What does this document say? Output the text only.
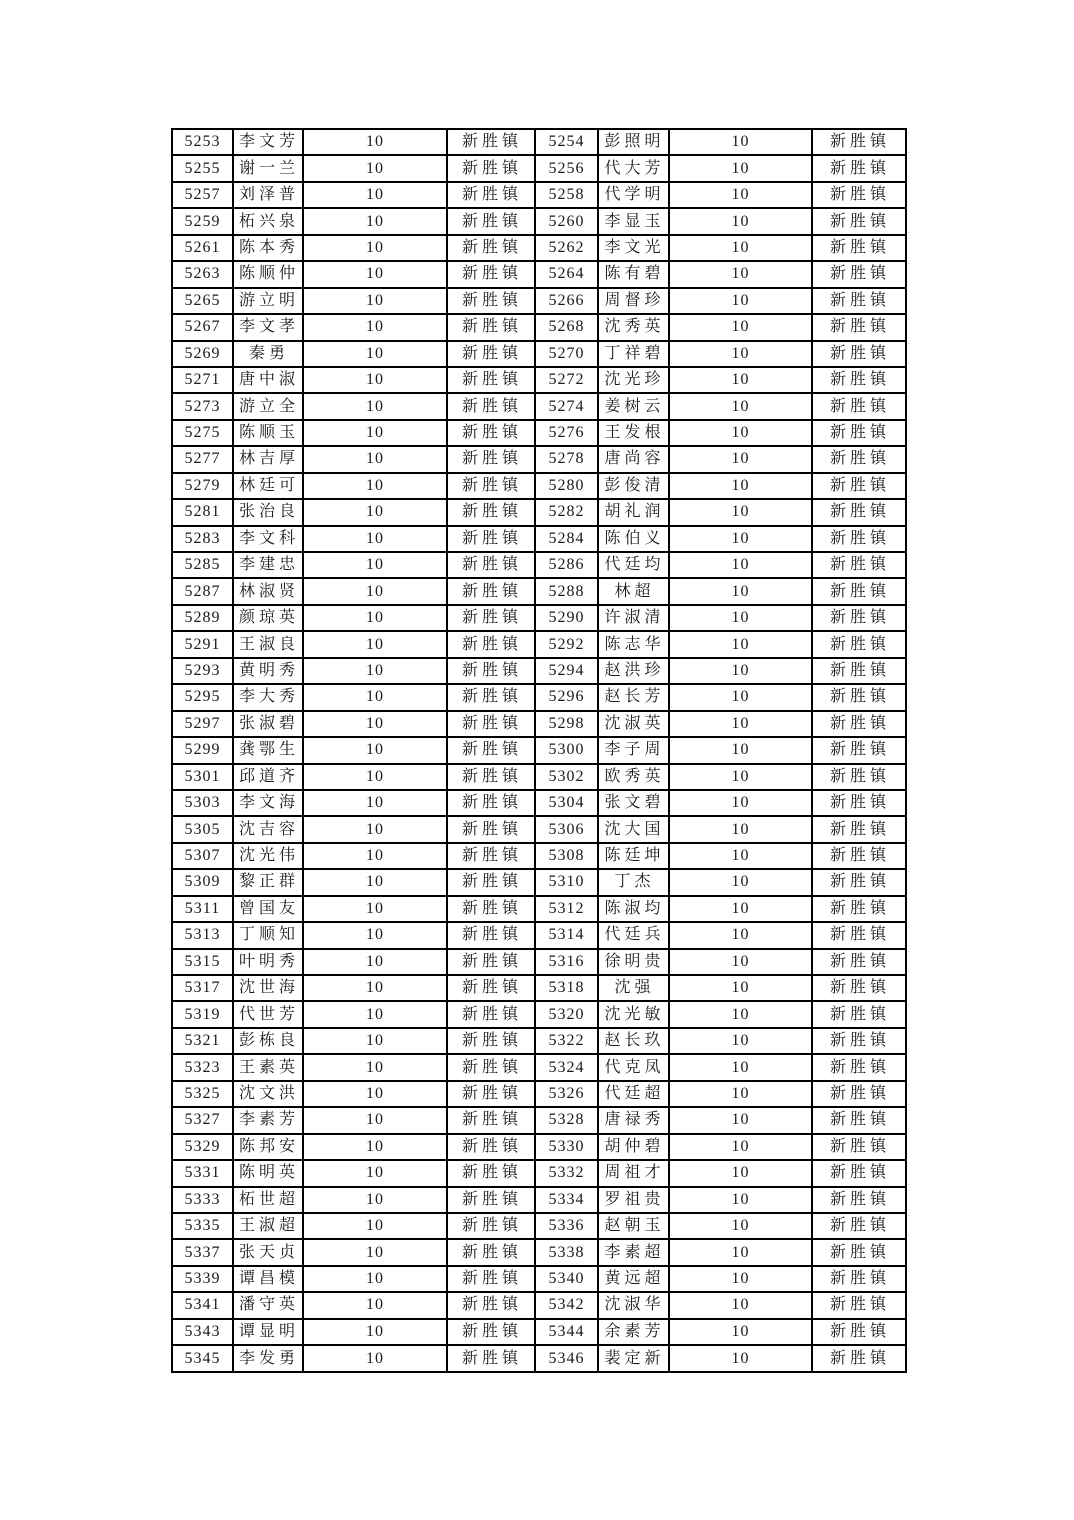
5253	李文芳	10	新胜镇	5254	彭照明	10	新胜镇
5255	谢一兰	10	新胜镇	5256	代大芳	10	新胜镇
5257	刘泽普	10	新胜镇	5258	代学明	10	新胜镇
5259	柘兴泉	10	新胜镇	5260	李显玉	10	新胜镇
5261	陈本秀	10	新胜镇	5262	李文光	10	新胜镇
5263	陈顺仲	10	新胜镇	5264	陈有碧	10	新胜镇
5265	游立明	10	新胜镇	5266	周督珍	10	新胜镇
5267	李文孝	10	新胜镇	5268	沈秀英	10	新胜镇
5269	秦勇	10	新胜镇	5270	丁祥碧	10	新胜镇
5271	唐中淑	10	新胜镇	5272	沈光珍	10	新胜镇
5273	游立全	10	新胜镇	5274	姜树云	10	新胜镇
5275	陈顺玉	10	新胜镇	5276	王发根	10	新胜镇
5277	林吉厚	10	新胜镇	5278	唐尚容	10	新胜镇
5279	林廷可	10	新胜镇	5280	彭俊清	10	新胜镇
5281	张治良	10	新胜镇	5282	胡礼润	10	新胜镇
5283	李文科	10	新胜镇	5284	陈伯义	10	新胜镇
5285	李建忠	10	新胜镇	5286	代廷均	10	新胜镇
5287	林淑贤	10	新胜镇	5288	林超	10	新胜镇
5289	颜琼英	10	新胜镇	5290	许淑清	10	新胜镇
5291	王淑良	10	新胜镇	5292	陈志华	10	新胜镇
5293	黄明秀	10	新胜镇	5294	赵洪珍	10	新胜镇
5295	李大秀	10	新胜镇	5296	赵长芳	10	新胜镇
5297	张淑碧	10	新胜镇	5298	沈淑英	10	新胜镇
5299	龚鄂生	10	新胜镇	5300	李子周	10	新胜镇
5301	邱道齐	10	新胜镇	5302	欧秀英	10	新胜镇
5303	李文海	10	新胜镇	5304	张文碧	10	新胜镇
5305	沈吉容	10	新胜镇	5306	沈大国	10	新胜镇
5307	沈光伟	10	新胜镇	5308	陈廷坤	10	新胜镇
5309	黎正群	10	新胜镇	5310	丁杰	10	新胜镇
5311	曾国友	10	新胜镇	5312	陈淑均	10	新胜镇
5313	丁顺知	10	新胜镇	5314	代廷兵	10	新胜镇
5315	叶明秀	10	新胜镇	5316	徐明贵	10	新胜镇
5317	沈世海	10	新胜镇	5318	沈强	10	新胜镇
5319	代世芳	10	新胜镇	5320	沈光敏	10	新胜镇
5321	彭栋良	10	新胜镇	5322	赵长玖	10	新胜镇
5323	王素英	10	新胜镇	5324	代克凤	10	新胜镇
5325	沈文洪	10	新胜镇	5326	代廷超	10	新胜镇
5327	李素芳	10	新胜镇	5328	唐禄秀	10	新胜镇
5329	陈邦安	10	新胜镇	5330	胡仲碧	10	新胜镇
5331	陈明英	10	新胜镇	5332	周祖才	10	新胜镇
5333	柘世超	10	新胜镇	5334	罗祖贵	10	新胜镇
5335	王淑超	10	新胜镇	5336	赵朝玉	10	新胜镇
5337	张天贞	10	新胜镇	5338	李素超	10	新胜镇
5339	谭昌模	10	新胜镇	5340	黄远超	10	新胜镇
5341	潘守英	10	新胜镇	5342	沈淑华	10	新胜镇
5343	谭显明	10	新胜镇	5344	余素芳	10	新胜镇
5345	李发勇	10	新胜镇	5346	裴定新	10	新胜镇
